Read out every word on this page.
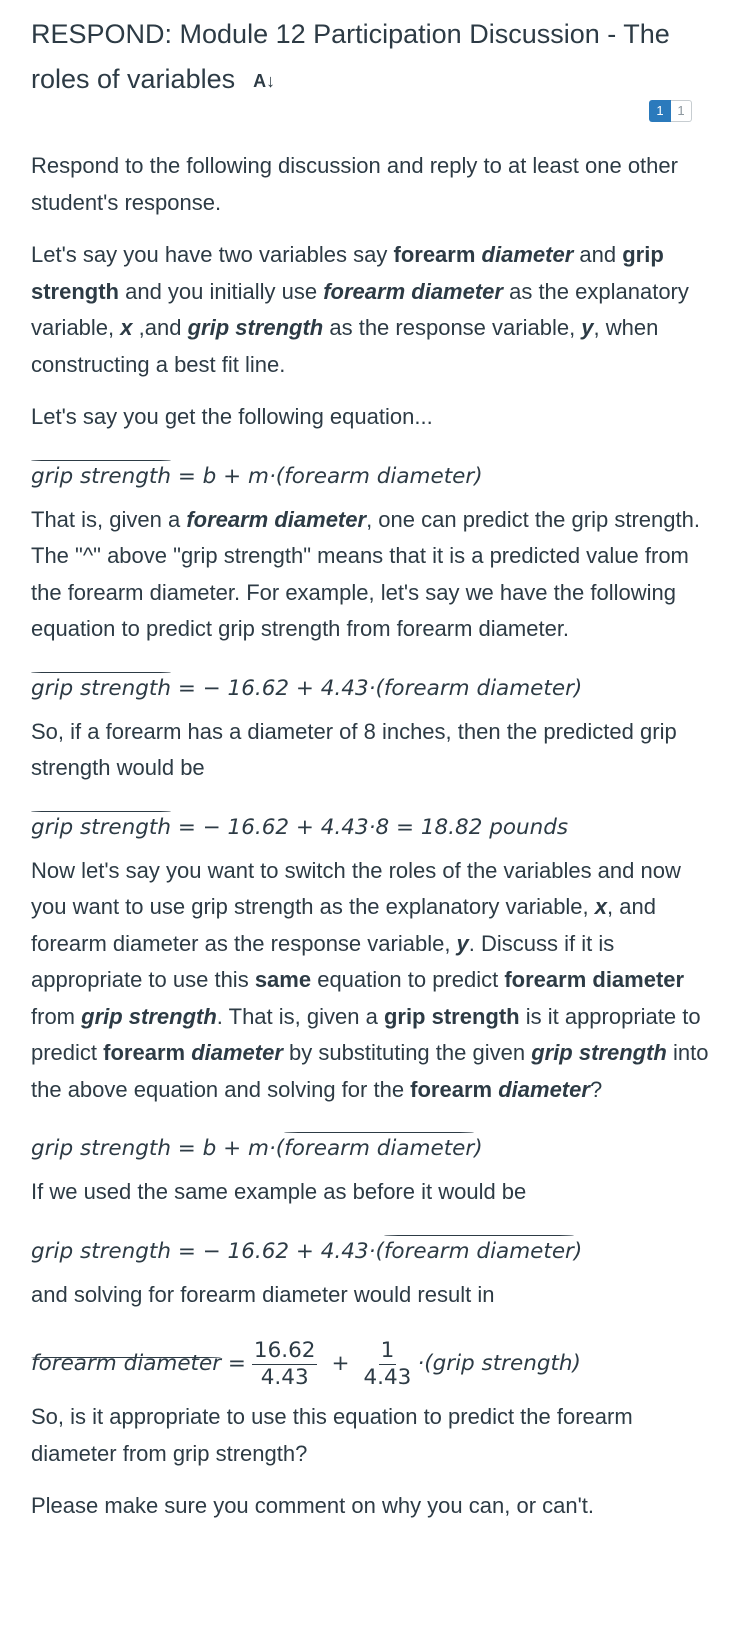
RESPOND: Module 12 Participation Discussion - The roles of variables A↓
1	1

Respond to the following discussion and reply to at least one other student's response.

Let's say you have two variables say forearm diameter and grip strength and you initially use forearm diameter as the explanatory variable, x ,and grip strength as the response variable, y, when constructing a best fit line.

Let's say you get the following equation...

grip strength = b + m·(forearm diameter)

That is, given a forearm diameter, one can predict the grip strength. The "^" above "grip strength" means that it is a predicted value from the forearm diameter. For example, let's say we have the following equation to predict grip strength from forearm diameter.

grip strength = − 16.62 + 4.43·(forearm diameter)

So, if a forearm has a diameter of 8 inches, then the predicted grip strength would be

grip strength = − 16.62 + 4.43·8 = 18.82 pounds

Now let's say you want to switch the roles of the variables and now you want to use grip strength as the explanatory variable, x, and forearm diameter as the response variable, y. Discuss if it is appropriate to use this same equation to predict forearm diameter from grip strength. That is, given a grip strength is it appropriate to predict forearm diameter by substituting the given grip strength into the above equation and solving for the forearm diameter?

grip strength = b + m·(forearm diameter)

If we used the same example as before it would be

grip strength = − 16.62 + 4.43·(forearm diameter)

and solving for forearm diameter would result in

forearm diameter = $\frac{16.62}{4.43} + \frac{1}{4.43}$ ·(grip strength)

So, is it appropriate to use this equation to predict the forearm diameter from grip strength?

Please make sure you comment on why you can, or can't.
